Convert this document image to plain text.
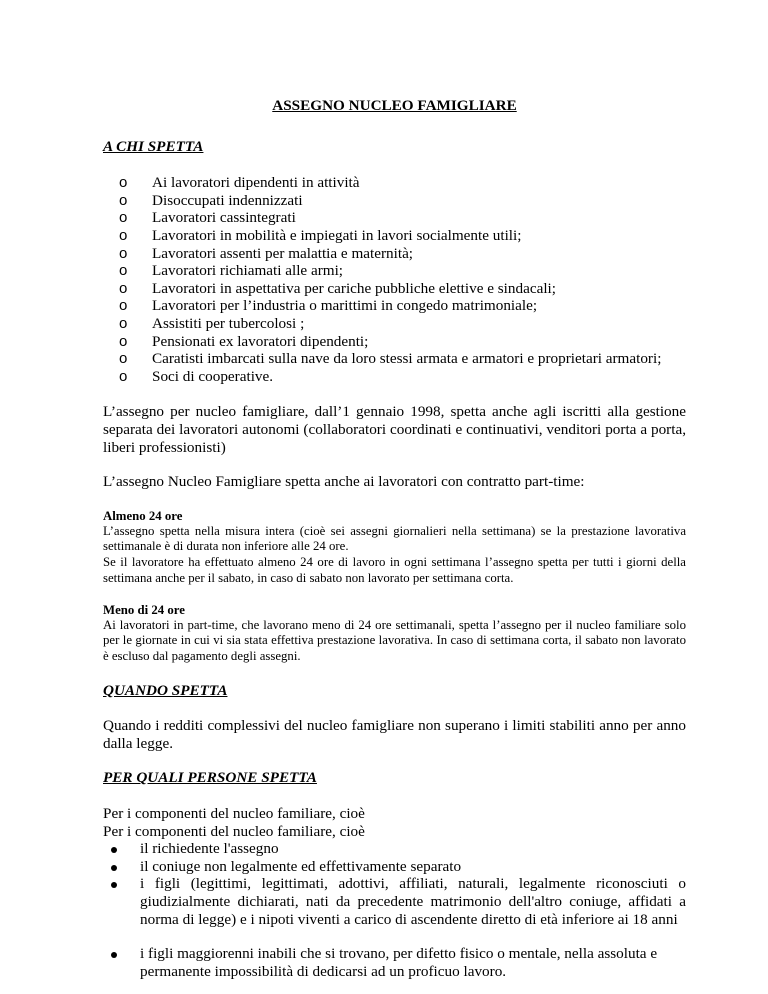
ASSEGNO NUCLEO FAMIGLIARE
A CHI SPETTA
o Ai lavoratori dipendenti in attività
o Disoccupati indennizzati
o Lavoratori cassintegrati
o Lavoratori in mobilità e impiegati in lavori socialmente utili;
o Lavoratori assenti per malattia e maternità;
o Lavoratori richiamati alle armi;
o Lavoratori in aspettativa per cariche pubbliche elettive e sindacali;
o Lavoratori per l’industria o marittimi in congedo matrimoniale;
o Assistiti per tubercolosi ;
o Pensionati ex lavoratori dipendenti;
o Caratisti imbarcati sulla nave da loro stessi armata e armatori e proprietari armatori;
o Soci di cooperative.

L’assegno per nucleo famigliare, dall’1 gennaio 1998, spetta anche agli iscritti alla gestione separata dei lavoratori autonomi (collaboratori coordinati e continuativi, venditori porta a porta, liberi professionisti)

L’assegno Nucleo Famigliare spetta anche ai lavoratori con contratto part-time:

Almeno 24 ore

L’assegno spetta nella misura intera (cioè sei assegni giornalieri nella settimana) se la prestazione lavorativa settimanale è di durata non inferiore alle 24 ore.

Se il lavoratore ha effettuato almeno 24 ore di lavoro in ogni settimana l’assegno spetta per tutti i giorni della settimana anche per il sabato, in caso di sabato non lavorato per settimana corta.

Meno di 24 ore

Ai lavoratori in part-time, che lavorano meno di 24 ore settimanali, spetta l’assegno per il nucleo familiare solo per le giornate in cui vi sia stata effettiva prestazione lavorativa. In caso di settimana corta, il sabato non lavorato è escluso dal pagamento degli assegni.

QUANDO SPETTA

Quando i redditi complessivi del nucleo famigliare non superano i limiti stabiliti anno per anno dalla legge.

PER QUALI PERSONE SPETTA

Per i componenti del nucleo familiare, cioè

Per i componenti del nucleo familiare, cioè

il richiedente l'assegno
il coniuge non legalmente ed effettivamente separato
i figli (legittimi, legittimati, adottivi, affiliati, naturali, legalmente riconosciuti o giudizialmente dichiarati, nati da precedente matrimonio dell'altro coniuge, affidati a norma di legge) e i nipoti viventi a carico di ascendente diretto di età inferiore ai 18 anni
i figli maggiorenni inabili che si trovano, per difetto fisico o mentale, nella assoluta e permanente impossibilità di dedicarsi ad un proficuo lavoro.
